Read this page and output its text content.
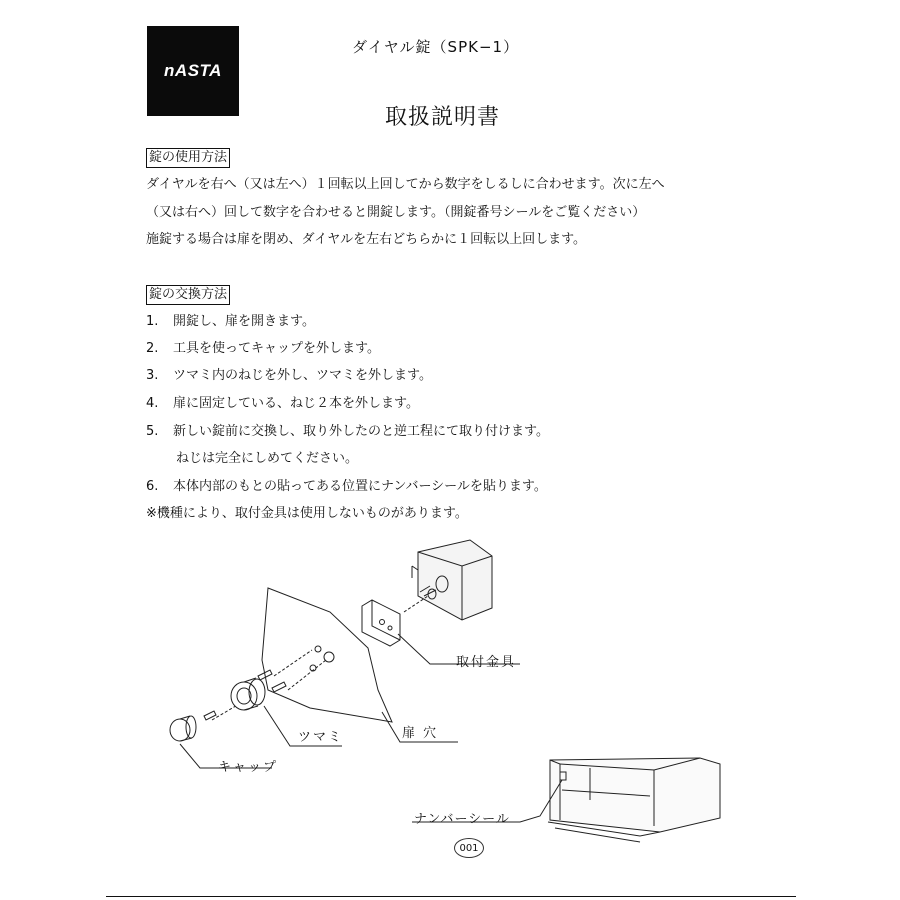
nASTA
ダイヤル錠（SPK−1）
取扱説明書
錠の使用方法
ダイヤルを右へ（又は左へ）１回転以上回してから数字をしるしに合わせます。次に左へ
（又は右へ）回して数字を合わせると開錠します。（開錠番号シールをご覧ください）
施錠する場合は扉を閉め、ダイヤルを左右どちらかに１回転以上回します。
錠の交換方法
1. 開錠し、扉を開きます。
2. 工具を使ってキャップを外します。
3. ツマミ内のねじを外し、ツマミを外します。
4. 扉に固定している、ねじ２本を外します。
5. 新しい錠前に交換し、取り外したのと逆工程にて取り付けます。
ねじは完全にしめてください。
6. 本体内部のもとの貼ってある位置にナンバーシールを貼ります。
※機種により、取付金具は使用しないものがあります。
取付金具
扉 穴
ツマミ
キャップ
ナンバーシール
001
